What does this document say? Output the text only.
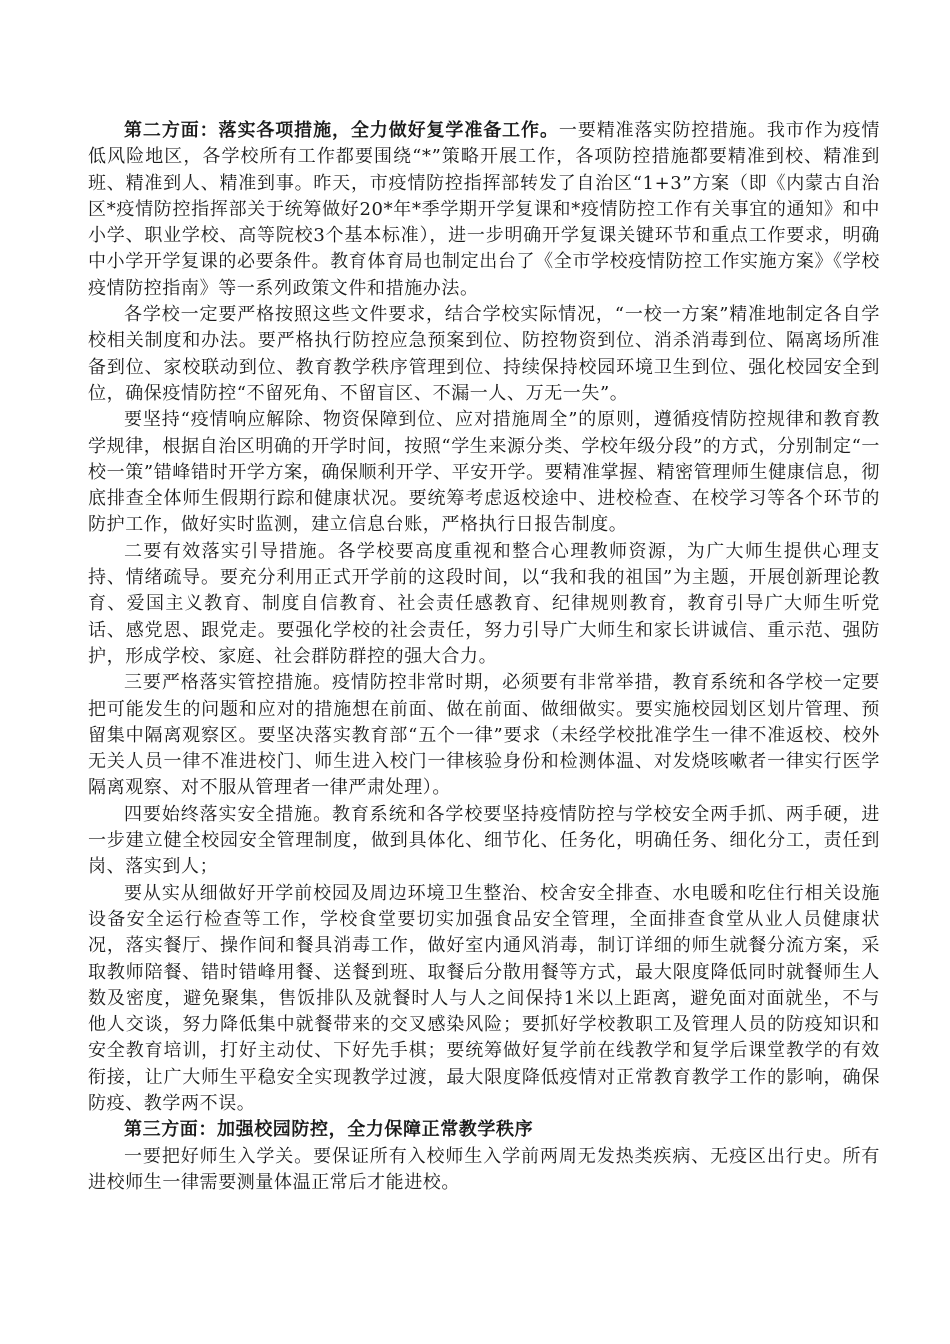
第二方面：落实各项措施，全力做好复学准备工作。一要精准落实防控措施。我市作为疫情低风险地区，各学校所有工作都要围绕“*”策略开展工作，各项防控措施都要精准到校、精准到班、精准到人、精准到事。昨天，市疫情防控指挥部转发了自治区“1+3”方案（即《内蒙古自治区*疫情防控指挥部关于统筹做好20*年*季学期开学复课和*疫情防控工作有关事宜的通知》和中小学、职业学校、高等院校3个基本标准），进一步明确开学复课关键环节和重点工作要求，明确中小学开学复课的必要条件。教育体育局也制定出台了《全市学校疫情防控工作实施方案》《学校疫情防控指南》等一系列政策文件和措施办法。

各学校一定要严格按照这些文件要求，结合学校实际情况，“一校一方案”精准地制定各自学校相关制度和办法。要严格执行防控应急预案到位、防控物资到位、消杀消毒到位、隔离场所准备到位、家校联动到位、教育教学秩序管理到位、持续保持校园环境卫生到位、强化校园安全到位，确保疫情防控“不留死角、不留盲区、不漏一人、万无一失”。

要坚持“疫情响应解除、物资保障到位、应对措施周全”的原则，遵循疫情防控规律和教育教学规律，根据自治区明确的开学时间，按照“学生来源分类、学校年级分段”的方式，分别制定“一校一策”错峰错时开学方案，确保顺利开学、平安开学。要精准掌握、精密管理师生健康信息，彻底排查全体师生假期行踪和健康状况。要统筹考虑返校途中、进校检查、在校学习等各个环节的防护工作，做好实时监测，建立信息台账，严格执行日报告制度。

二要有效落实引导措施。各学校要高度重视和整合心理教师资源，为广大师生提供心理支持、情绪疏导。要充分利用正式开学前的这段时间，以“我和我的祖国”为主题，开展创新理论教育、爱国主义教育、制度自信教育、社会责任感教育、纪律规则教育，教育引导广大师生听党话、感党恩、跟党走。要强化学校的社会责任，努力引导广大师生和家长讲诚信、重示范、强防护，形成学校、家庭、社会群防群控的强大合力。

三要严格落实管控措施。疫情防控非常时期，必须要有非常举措，教育系统和各学校一定要把可能发生的问题和应对的措施想在前面、做在前面、做细做实。要实施校园划区划片管理、预留集中隔离观察区。要坚决落实教育部“五个一律”要求（未经学校批准学生一律不准返校、校外无关人员一律不准进校门、师生进入校门一律核验身份和检测体温、对发烧咳嗽者一律实行医学隔离观察、对不服从管理者一律严肃处理）。

四要始终落实安全措施。教育系统和各学校要坚持疫情防控与学校安全两手抓、两手硬，进一步建立健全校园安全管理制度，做到具体化、细节化、任务化，明确任务、细化分工，责任到岗、落实到人；

要从实从细做好开学前校园及周边环境卫生整治、校舍安全排查、水电暖和吃住行相关设施设备安全运行检查等工作，学校食堂要切实加强食品安全管理，全面排查食堂从业人员健康状况，落实餐厅、操作间和餐具消毒工作，做好室内通风消毒，制订详细的师生就餐分流方案，采取教师陪餐、错时错峰用餐、送餐到班、取餐后分散用餐等方式，最大限度降低同时就餐师生人数及密度，避免聚集，售饭排队及就餐时人与人之间保持1米以上距离，避免面对面就坐，不与他人交谈，努力降低集中就餐带来的交叉感染风险；要抓好学校教职工及管理人员的防疫知识和安全教育培训，打好主动仗、下好先手棋；要统筹做好复学前在线教学和复学后课堂教学的有效衔接，让广大师生平稳安全实现教学过渡，最大限度降低疫情对正常教育教学工作的影响，确保防疫、教学两不误。

第三方面：加强校园防控，全力保障正常教学秩序

一要把好师生入学关。要保证所有入校师生入学前两周无发热类疾病、无疫区出行史。所有进校师生一律需要测量体温正常后才能进校。
